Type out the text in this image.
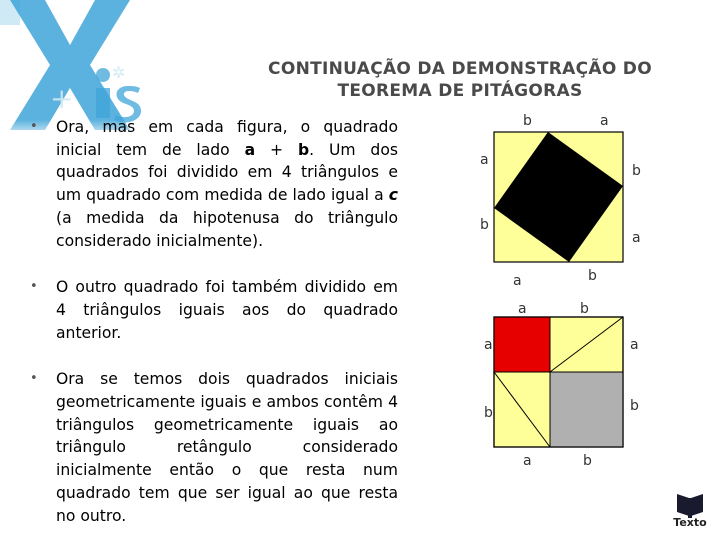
+
✲	CONTINUAÇÃO DA DEMONSTRAÇÃO DO
TEOREMA DE PITÁGORAS
• Ora, mas em cada figura, o quadrado inicial tem de lado a + b. Um dos quadrados foi dividido em 4 triângulos e um quadrado com medida de lado igual a c (a medida da hipotenusa do triângulo considerado inicialmente).
• O outro quadrado foi também dividido em 4 triângulos iguais aos do quadrado anterior.
• Ora se temos dois quadrados iniciais geometricamente iguais e ambos contêm 4 triângulos geometricamente iguais ao triângulo retângulo considerado inicialmente então o que resta num quadrado tem que ser igual ao que resta no outro.
b	a
a
b
b
a
a	b
a	b
a
b
a
b
a	b
Texto
